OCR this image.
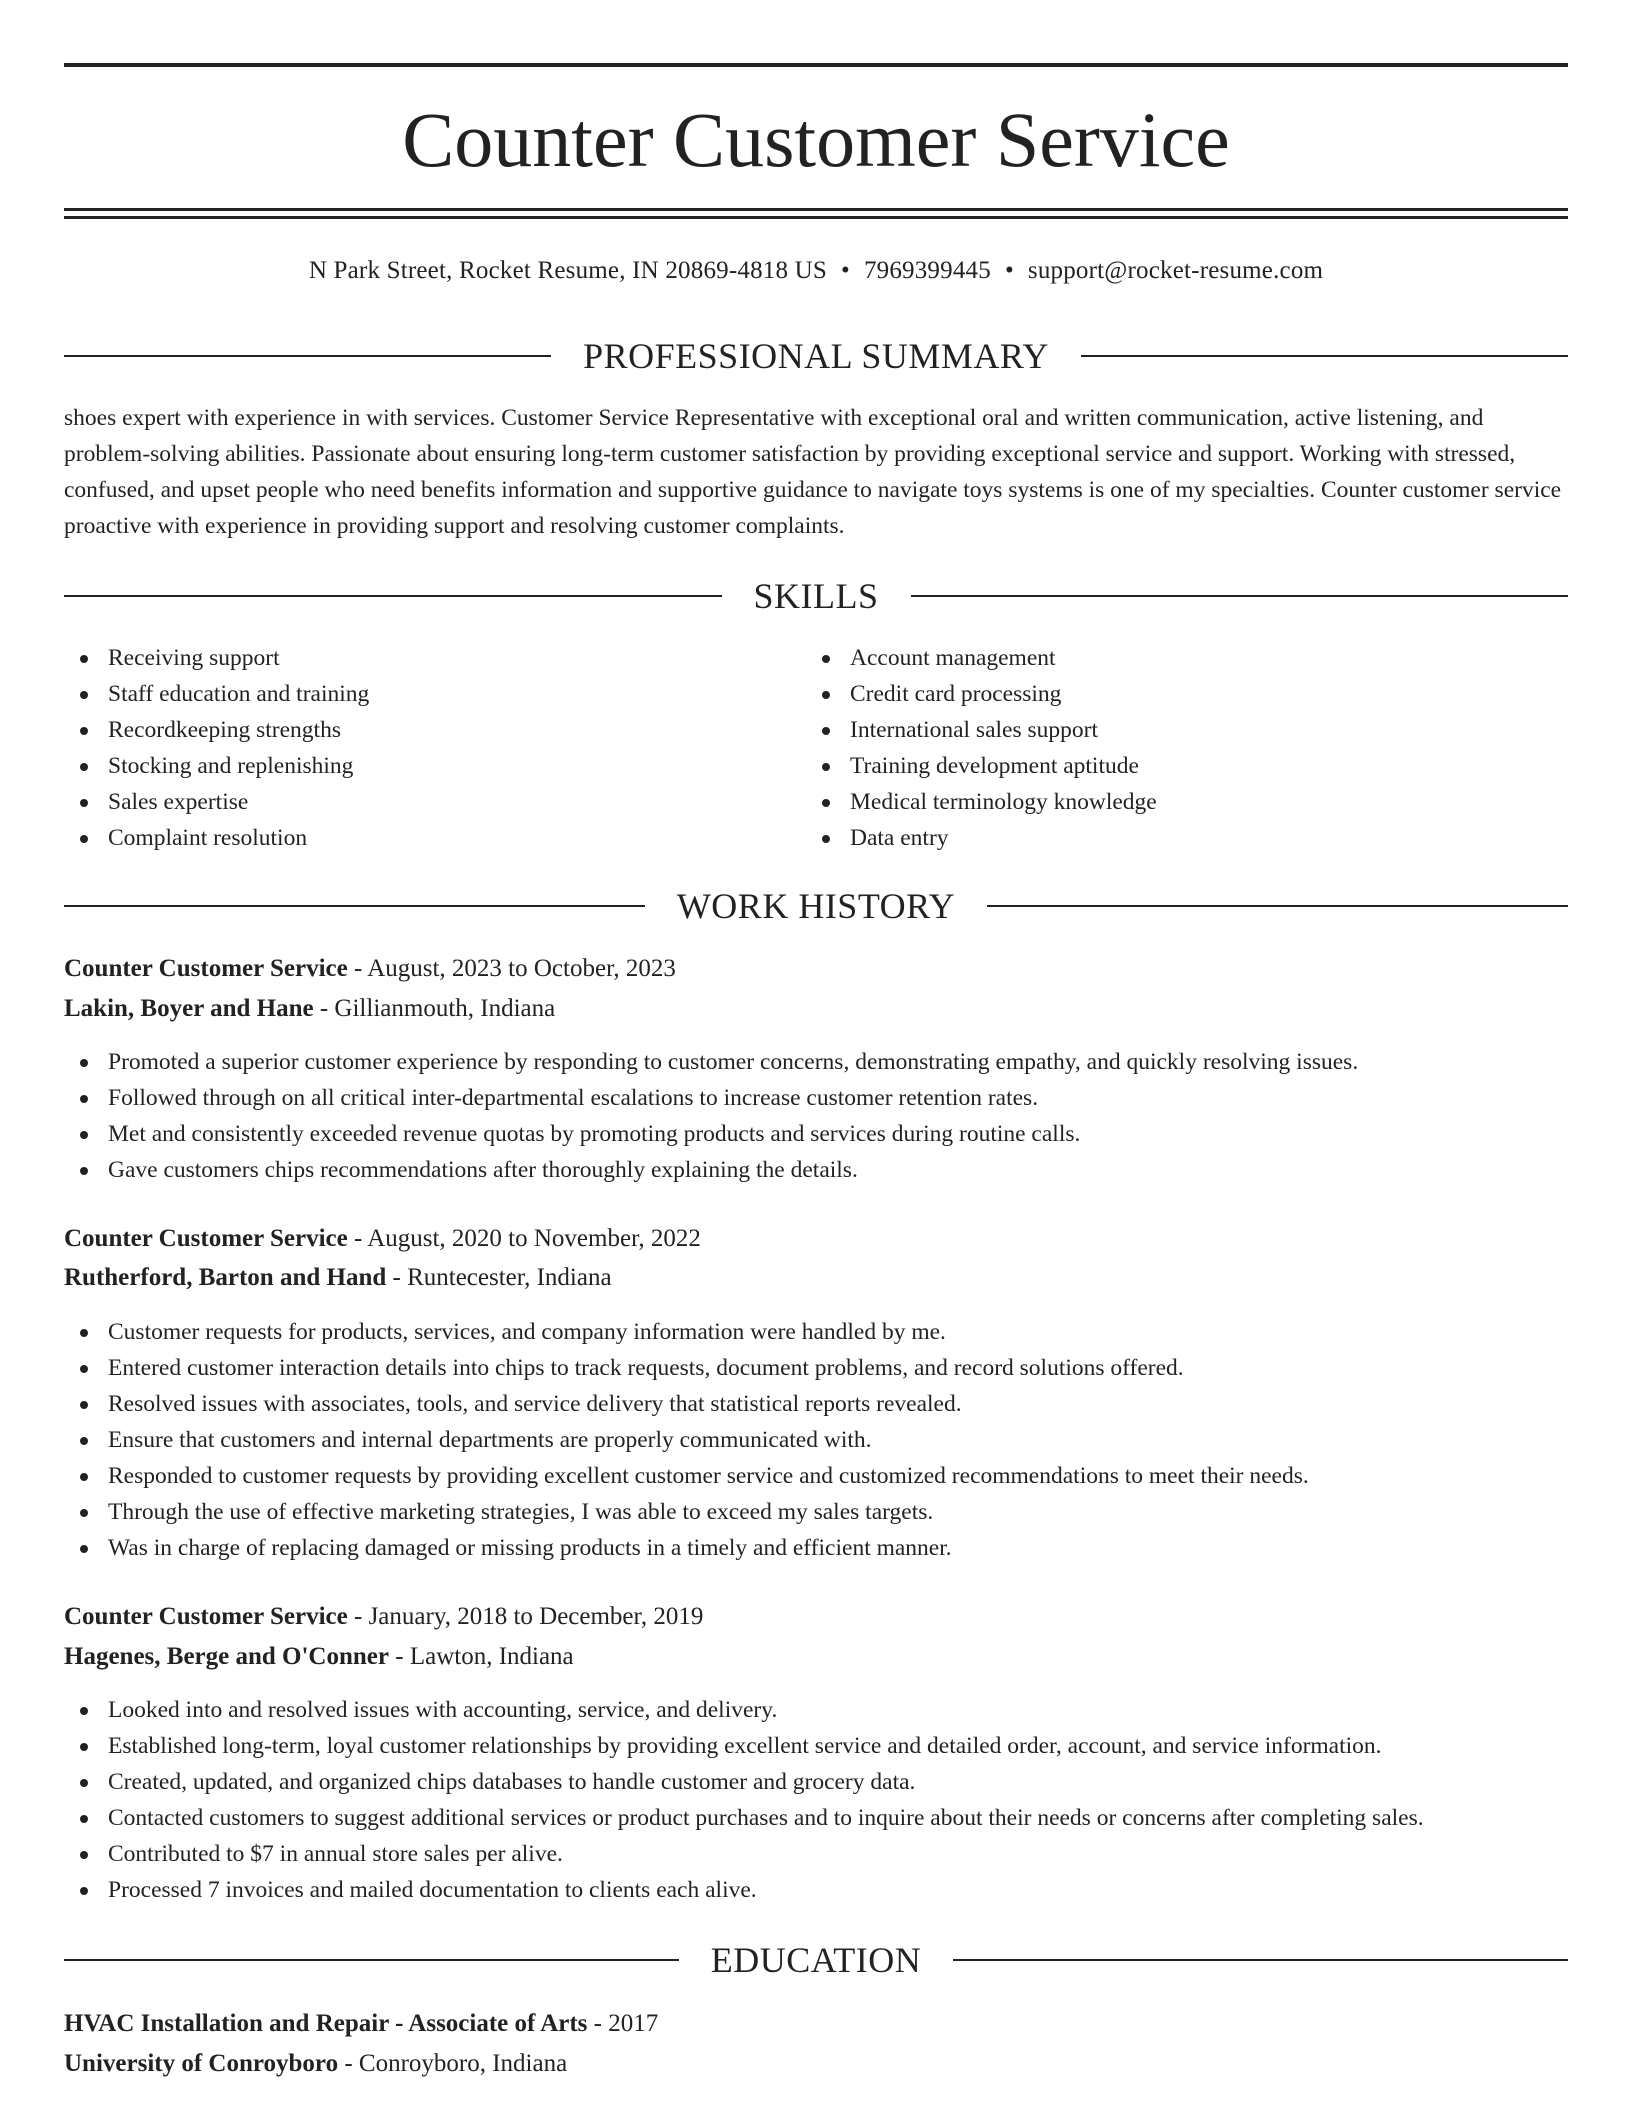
Counter Customer Service
N Park Street, Rocket Resume, IN 20869-4818 US • 7969399445 • support@rocket-resume.com
PROFESSIONAL SUMMARY

shoes expert with experience in with services. Customer Service Representative with exceptional oral and written communication, active listening, and problem-solving abilities. Passionate about ensuring long-term customer satisfaction by providing exceptional service and support. Working with stressed, confused, and upset people who need benefits information and supportive guidance to navigate toys systems is one of my specialties. Counter customer service proactive with experience in providing support and resolving customer complaints.

SKILLS
Receiving support
Staff education and training
Recordkeeping strengths
Stocking and replenishing
Sales expertise
Complaint resolution
Account management
Credit card processing
International sales support
Training development aptitude
Medical terminology knowledge
Data entry
WORK HISTORY
Counter Customer Service - August, 2023 to October, 2023
Lakin, Boyer and Hane - Gillianmouth, Indiana
Promoted a superior customer experience by responding to customer concerns, demonstrating empathy, and quickly resolving issues.
Followed through on all critical inter-departmental escalations to increase customer retention rates.
Met and consistently exceeded revenue quotas by promoting products and services during routine calls.
Gave customers chips recommendations after thoroughly explaining the details.
Counter Customer Service - August, 2020 to November, 2022
Rutherford, Barton and Hand - Runtecester, Indiana
Customer requests for products, services, and company information were handled by me.
Entered customer interaction details into chips to track requests, document problems, and record solutions offered.
Resolved issues with associates, tools, and service delivery that statistical reports revealed.
Ensure that customers and internal departments are properly communicated with.
Responded to customer requests by providing excellent customer service and customized recommendations to meet their needs.
Through the use of effective marketing strategies, I was able to exceed my sales targets.
Was in charge of replacing damaged or missing products in a timely and efficient manner.
Counter Customer Service - January, 2018 to December, 2019
Hagenes, Berge and O'Conner - Lawton, Indiana
Looked into and resolved issues with accounting, service, and delivery.
Established long-term, loyal customer relationships by providing excellent service and detailed order, account, and service information.
Created, updated, and organized chips databases to handle customer and grocery data.
Contacted customers to suggest additional services or product purchases and to inquire about their needs or concerns after completing sales.
Contributed to $7 in annual store sales per alive.
Processed 7 invoices and mailed documentation to clients each alive.
EDUCATION
HVAC Installation and Repair - Associate of Arts - 2017
University of Conroyboro - Conroyboro, Indiana
